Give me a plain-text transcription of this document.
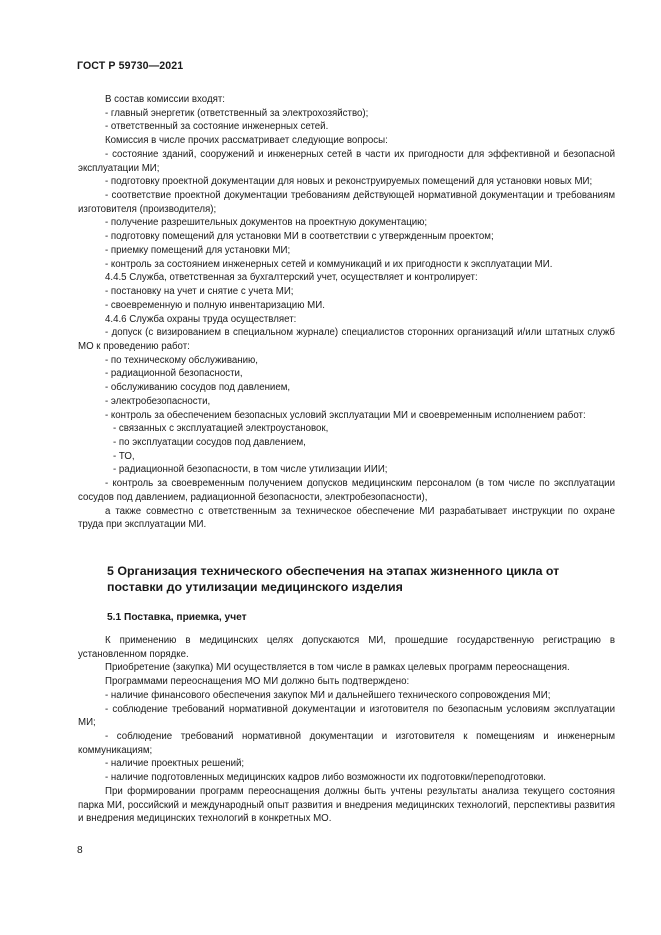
ГОСТ Р 59730—2021

В состав комиссии входят:

- главный энергетик (ответственный за электрохозяйство);

- ответственный за состояние инженерных сетей.

Комиссия в числе прочих рассматривает следующие вопросы:

- состояние зданий, сооружений и инженерных сетей в части их пригодности для эффективной и безопасной эксплуатации МИ;

- подготовку проектной документации для новых и реконструируемых помещений для установки новых МИ;

- соответствие проектной документации требованиям действующей нормативной документации и требованиям изготовителя (производителя);

- получение разрешительных документов на проектную документацию;

- подготовку помещений для установки МИ в соответствии с утвержденным проектом;

- приемку помещений для установки МИ;

- контроль за состоянием инженерных сетей и коммуникаций и их пригодности к эксплуатации МИ.

4.4.5 Служба, ответственная за бухгалтерский учет, осуществляет и контролирует:

- постановку на учет и снятие с учета МИ;

- своевременную и полную инвентаризацию МИ.

4.4.6 Служба охраны труда осуществляет:

- допуск (с визированием в специальном журнале) специалистов сторонних организаций и/или штатных служб МО к проведению работ:

- по техническому обслуживанию,

- радиационной безопасности,

- обслуживанию сосудов под давлением,

- электробезопасности,

- контроль за обеспечением безопасных условий эксплуатации МИ и своевременным исполнением работ:

- связанных с эксплуатацией электроустановок,

- по эксплуатации сосудов под давлением,

- ТО,

- радиационной безопасности, в том числе утилизации ИИИ;

- контроль за своевременным получением допусков медицинским персоналом (в том числе по эксплуатации сосудов под давлением, радиационной безопасности, электробезопасности),

а также совместно с ответственным за техническое обеспечение МИ разрабатывает инструкции по охране труда при эксплуатации МИ.

5 Организация технического обеспечения на этапах жизненного цикла от поставки до утилизации медицинского изделия
5.1 Поставка, приемка, учет

К применению в медицинских целях допускаются МИ, прошедшие государственную регистрацию в установленном порядке.

Приобретение (закупка) МИ осуществляется в том числе в рамках целевых программ переоснащения.

Программами переоснащения МО МИ должно быть подтверждено:

- наличие финансового обеспечения закупок МИ и дальнейшего технического сопровождения МИ;

- соблюдение требований нормативной документации и изготовителя по безопасным условиям эксплуатации МИ;

- соблюдение требований нормативной документации и изготовителя к помещениям и инженерным коммуникациям;

- наличие проектных решений;

- наличие подготовленных медицинских кадров либо возможности их подготовки/переподготовки.

При формировании программ переоснащения должны быть учтены результаты анализа текущего состояния парка МИ, российский и международный опыт развития и внедрения медицинских технологий, перспективы развития и внедрения медицинских технологий в конкретных МО.

8
